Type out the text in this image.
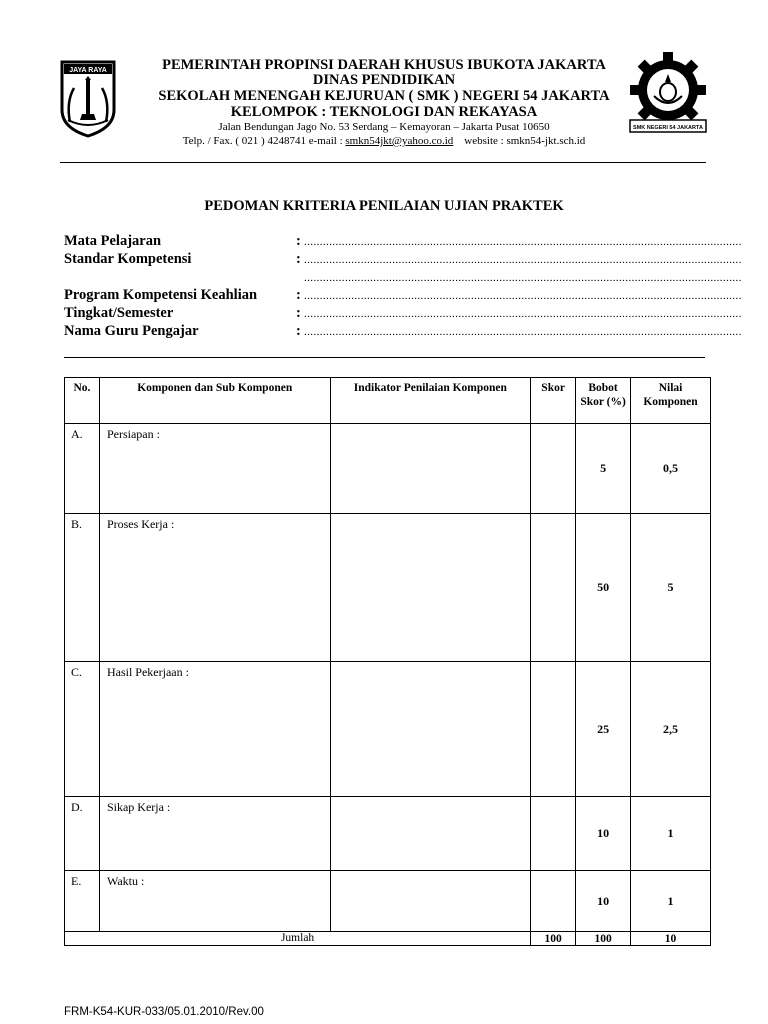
JAYA RAYA
SMK NEGERI 54 JAKARTA
PEMERINTAH PROPINSI DAERAH KHUSUS IBUKOTA JAKARTA
DINAS PENDIDIKAN
SEKOLAH MENENGAH KEJURUAN ( SMK ) NEGERI 54 JAKARTA
KELOMPOK : TEKNOLOGI DAN REKAYASA
Jalan Bendungan Jago No. 53 Serdang – Kemayoran – Jakarta Pusat 10650
Telp. / Fax. ( 021 ) 4248741 e-mail : smkn54jkt@yahoo.co.id website : smkn54-jkt.sch.id
PEDOMAN KRITERIA PENILAIAN UJIAN PRAKTEK
Mata Pelajaran	: ...........................................................................................................................................
Standar Kompetensi	: ...........................................................................................................................................
...........................................................................................................................................
Program Kompetensi Keahlian	: ...........................................................................................................................................
Tingkat/Semester	: ...........................................................................................................................................
Nama Guru Pengajar	: ...........................................................................................................................................
No.	Komponen dan Sub Komponen	Indikator Penilaian Komponen	Skor	Bobot Skor (%)	Nilai Komponen
A.	Persiapan :			5	0,5
B.	Proses Kerja :			50	5
C.	Hasil Pekerjaan :			25	2,5
D.	Sikap Kerja :			10	1
E.	Waktu :			10	1
Jumlah			100	100	10
FRM-K54-KUR-033/05.01.2010/Rev.00
